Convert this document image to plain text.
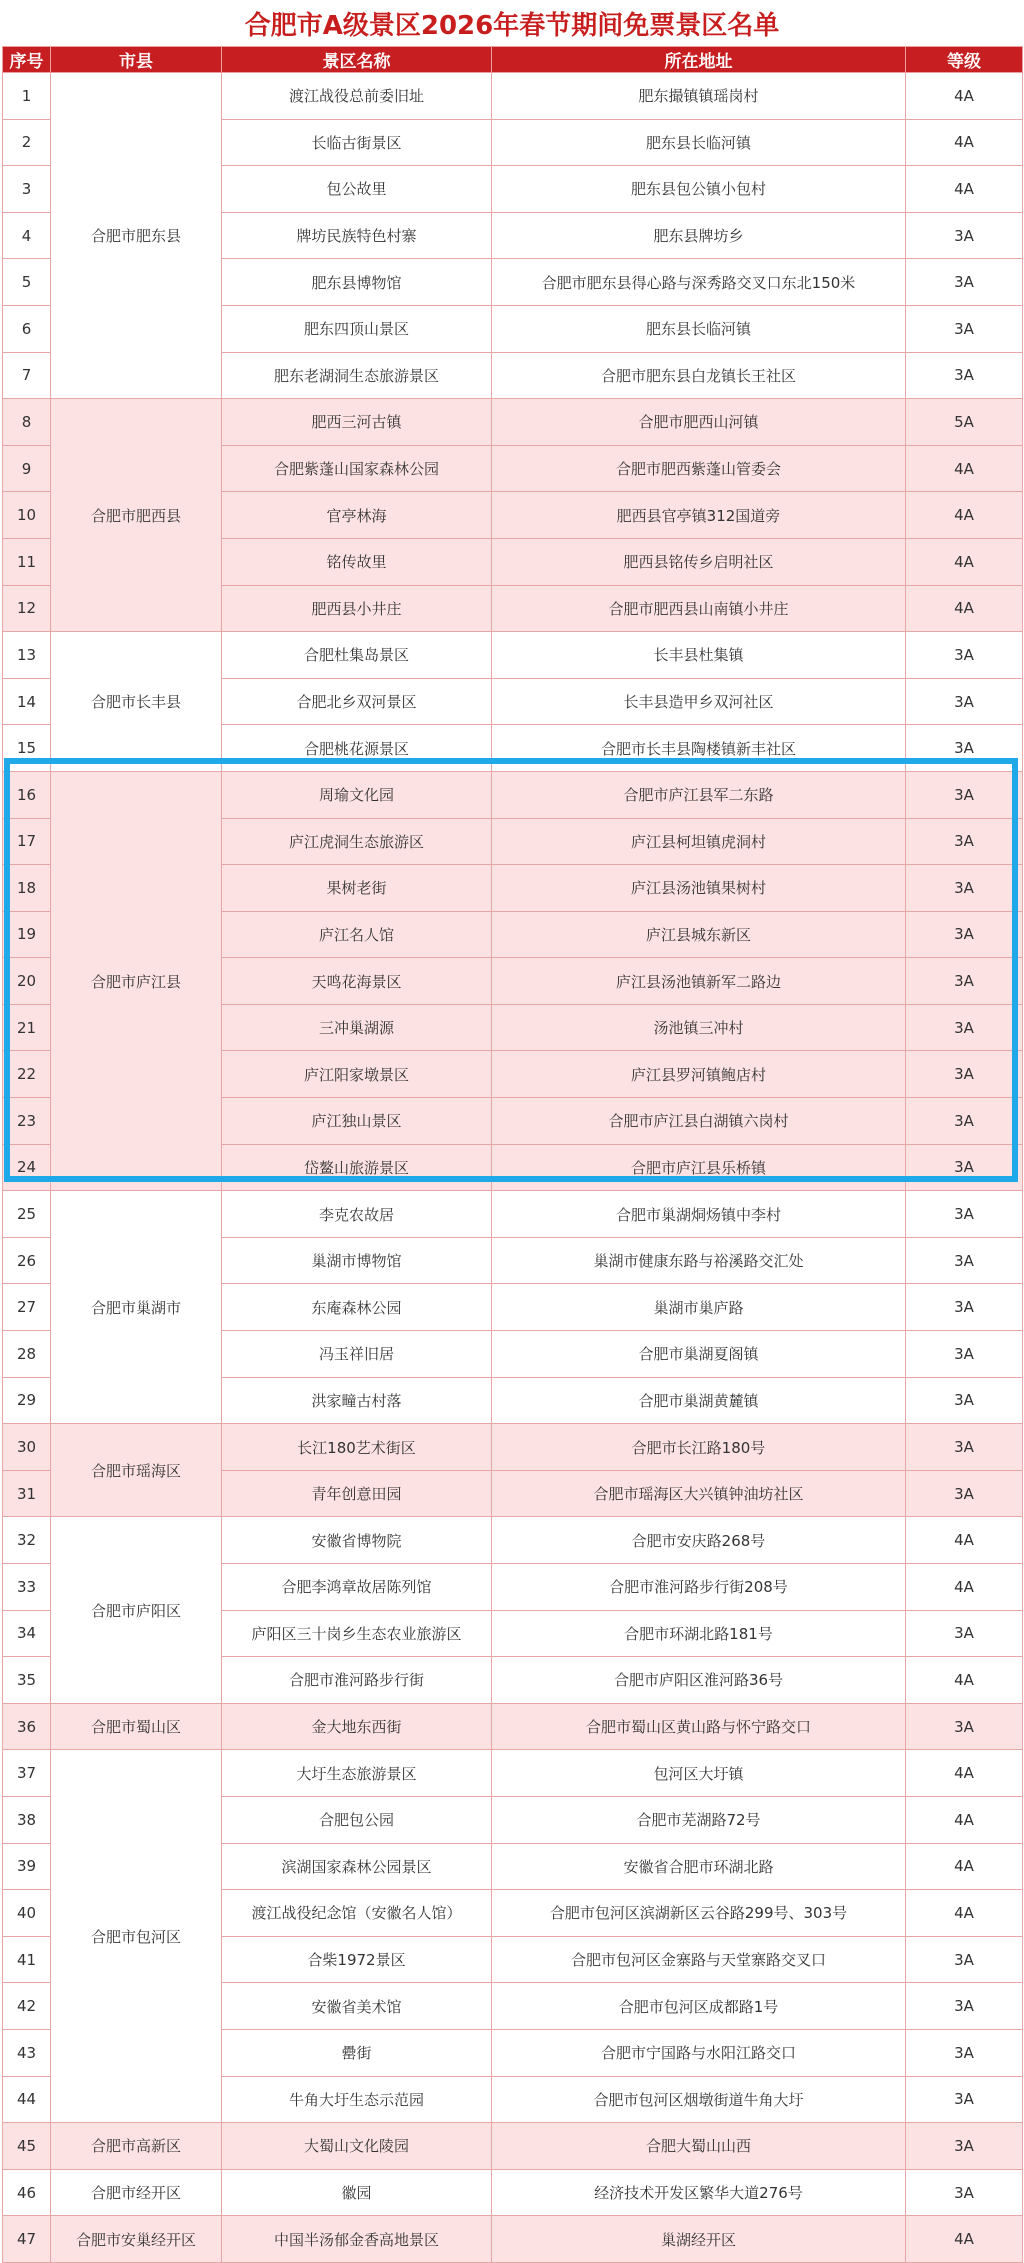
合肥市A级景区2026年春节期间免票景区名单
序号	市县	景区名称	所在地址	等级
1	合肥市肥东县	渡江战役总前委旧址	肥东撮镇镇瑶岗村	4A
2		长临古街景区	肥东县长临河镇	4A
3		包公故里	肥东县包公镇小包村	4A
4		牌坊民族特色村寨	肥东县牌坊乡	3A
5		肥东县博物馆	合肥市肥东县得心路与深秀路交叉口东北150米	3A
6		肥东四顶山景区	肥东县长临河镇	3A
7		肥东老湖洞生态旅游景区	合肥市肥东县白龙镇长王社区	3A
8	合肥市肥西县	肥西三河古镇	合肥市肥西山河镇	5A
9		合肥紫蓬山国家森林公园	合肥市肥西紫蓬山管委会	4A
10		官亭林海	肥西县官亭镇312国道旁	4A
11		铭传故里	肥西县铭传乡启明社区	4A
12		肥西县小井庄	合肥市肥西县山南镇小井庄	4A
13	合肥市长丰县	合肥杜集岛景区	长丰县杜集镇	3A
14		合肥北乡双河景区	长丰县造甲乡双河社区	3A
15		合肥桃花源景区	合肥市长丰县陶楼镇新丰社区	3A
16	合肥市庐江县	周瑜文化园	合肥市庐江县军二东路	3A
17		庐江虎洞生态旅游区	庐江县柯坦镇虎洞村	3A
18		果树老街	庐江县汤池镇果树村	3A
19		庐江名人馆	庐江县城东新区	3A
20		天鸣花海景区	庐江县汤池镇新军二路边	3A
21		三冲巢湖源	汤池镇三冲村	3A
22		庐江阳家墩景区	庐江县罗河镇鲍店村	3A
23		庐江独山景区	合肥市庐江县白湖镇六岗村	3A
24		岱鳌山旅游景区	合肥市庐江县乐桥镇	3A
25	合肥市巢湖市	李克农故居	合肥市巢湖烔炀镇中李村	3A
26		巢湖市博物馆	巢湖市健康东路与裕溪路交汇处	3A
27		东庵森林公园	巢湖市巢庐路	3A
28		冯玉祥旧居	合肥市巢湖夏阁镇	3A
29		洪家疃古村落	合肥市巢湖黄麓镇	3A
30	合肥市瑶海区	长江180艺术街区	合肥市长江路180号	3A
31		青年创意田园	合肥市瑶海区大兴镇钟油坊社区	3A
32	合肥市庐阳区	安徽省博物院	合肥市安庆路268号	4A
33		合肥李鸿章故居陈列馆	合肥市淮河路步行街208号	4A
34		庐阳区三十岗乡生态农业旅游区	合肥市环湖北路181号	3A
35		合肥市淮河路步行街	合肥市庐阳区淮河路36号	4A
36	合肥市蜀山区	金大地东西街	合肥市蜀山区黄山路与怀宁路交口	3A
37	合肥市包河区	大圩生态旅游景区	包河区大圩镇	4A
38		合肥包公园	合肥市芜湖路72号	4A
39		滨湖国家森林公园景区	安徽省合肥市环湖北路	4A
40		渡江战役纪念馆（安徽名人馆）	合肥市包河区滨湖新区云谷路299号、303号	4A
41		合柴1972景区	合肥市包河区金寨路与天堂寨路交叉口	3A
42		安徽省美术馆	合肥市包河区成都路1号	3A
43		罍街	合肥市宁国路与水阳江路交口	3A
44		牛角大圩生态示范园	合肥市包河区烟墩街道牛角大圩	3A
45	合肥市高新区	大蜀山文化陵园	合肥大蜀山山西	3A
46	合肥市经开区	徽园	经济技术开发区繁华大道276号	3A
47	合肥市安巢经开区	中国半汤郁金香高地景区	巢湖经开区	4A
